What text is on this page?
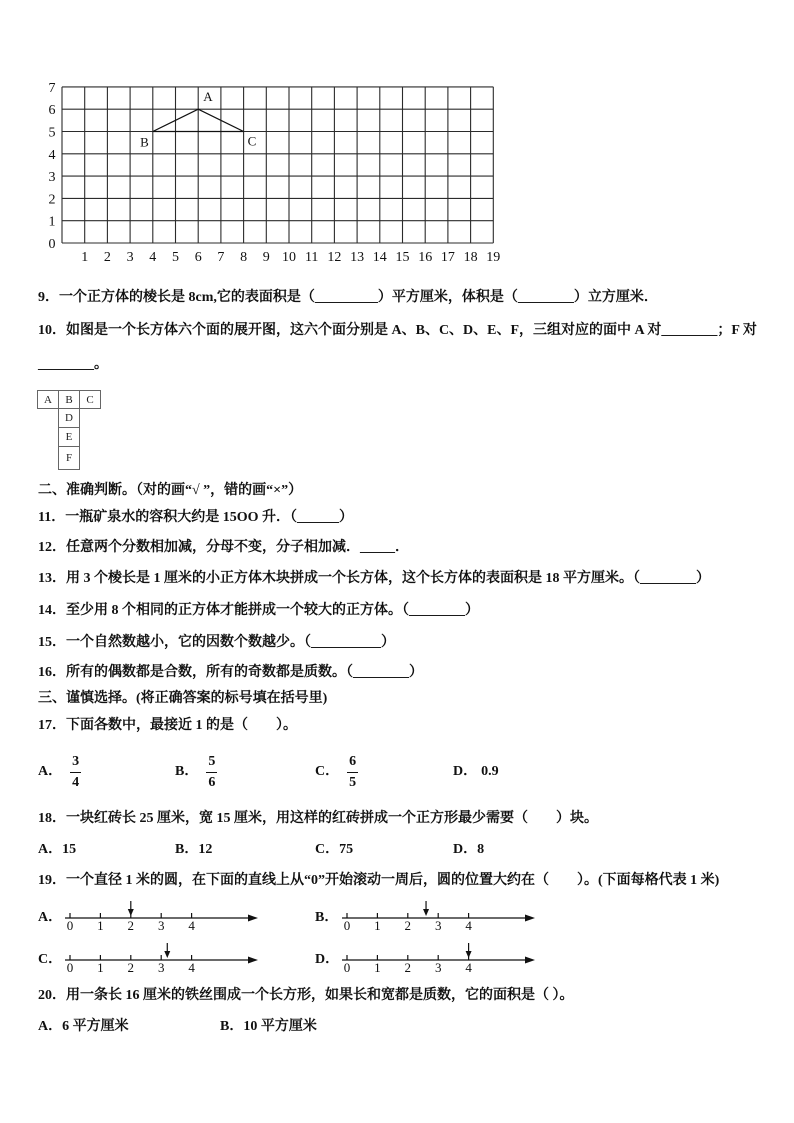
1 2 3 4 5 6 7 8 9 10 11 12 13 14 15 16 17 18 19
0
1
2
3
4
5
6
7
A
B	C
9．一个正方体的棱长是 8cm,它的表面积是（_________）平方厘米，体积是（________）立方厘米．
10．如图是一个长方体六个面的展开图，这六个面分别是 A、B、C、D、E、F，三组对应的面中 A 对________；F 对
________。
A	B	C
D
E
F
二、准确判断。（对的画“√ ”，错的画“×”）
11．一瓶矿泉水的容积大约是 15OO 升．（______）
12．任意两个分数相加减，分母不变，分子相加减．_____．
13．用 3 个棱长是 1 厘米的小正方体木块拼成一个长方体，这个长方体的表面积是 18 平方厘米。（________）
14．至少用 8 个相同的正方体才能拼成一个较大的正方体。（________）
15．一个自然数越小，它的因数个数越少。（__________）
16．所有的偶数都是合数，所有的奇数都是质数。（________）
三、谨慎选择。(将正确答案的标号填在括号里)
17．下面各数中，最接近 1 的是（　　）。
A． $\frac{3}{4}$	B． $\frac{5}{6}$	C． $\frac{6}{5}$	D． 0.9
18．一块红砖长 25 厘米，宽 15 厘米，用这样的红砖拼成一个正方形最少需要（　　）块。
A．15	B．12	C．75	D．8
19．一个直径 1 米的圆，在下面的直线上从“0”开始滚动一周后，圆的位置大约在（　　）。(下面每格代表 1 米)
A．
0 1 2 3 4
B．
0 1 2 3 4
C．
0 1 2 3 4
D．
0 1 2 3 4
20．用一条长 16 厘米的铁丝围成一个长方形，如果长和宽都是质数，它的面积是（ ）。
A．6 平方厘米	B．10 平方厘米
